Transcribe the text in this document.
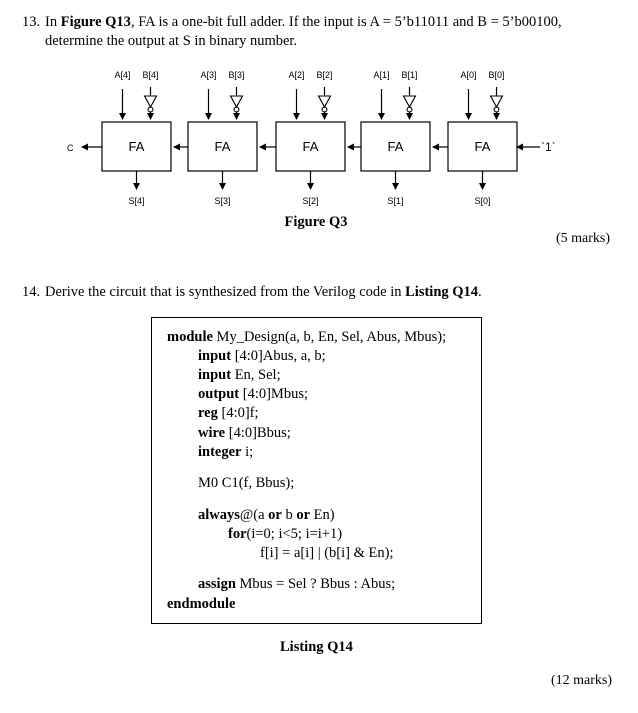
13. In Figure Q13, FA is a one-bit full adder. If the input is A = 5’b11011 and B = 5’b00100,
determine the output at S in binary number.
FA
A[4] B[4]
S[4]
FA
A[3] B[3]
S[3]
FA
A[2] B[2]
S[2]
FA
A[1] B[1]
S[1]
FA
A[0] B[0]
S[0]
C	`1`
Figure Q3
(5 marks)
14. Derive the circuit that is synthesized from the Verilog code in Listing Q14.
module My_Design(a, b, En, Sel, Abus, Mbus);
input [4:0]Abus, a, b;
input En, Sel;
output [4:0]Mbus;
reg [4:0]f;
wire [4:0]Bbus;
integer i;
M0 C1(f, Bbus);
always@(a or b or En)
for(i=0; i<5; i=i+1)
f[i] = a[i] | (b[i] & En);
assign Mbus = Sel ? Bbus : Abus;
endmodule
Listing Q14
(12 marks)
